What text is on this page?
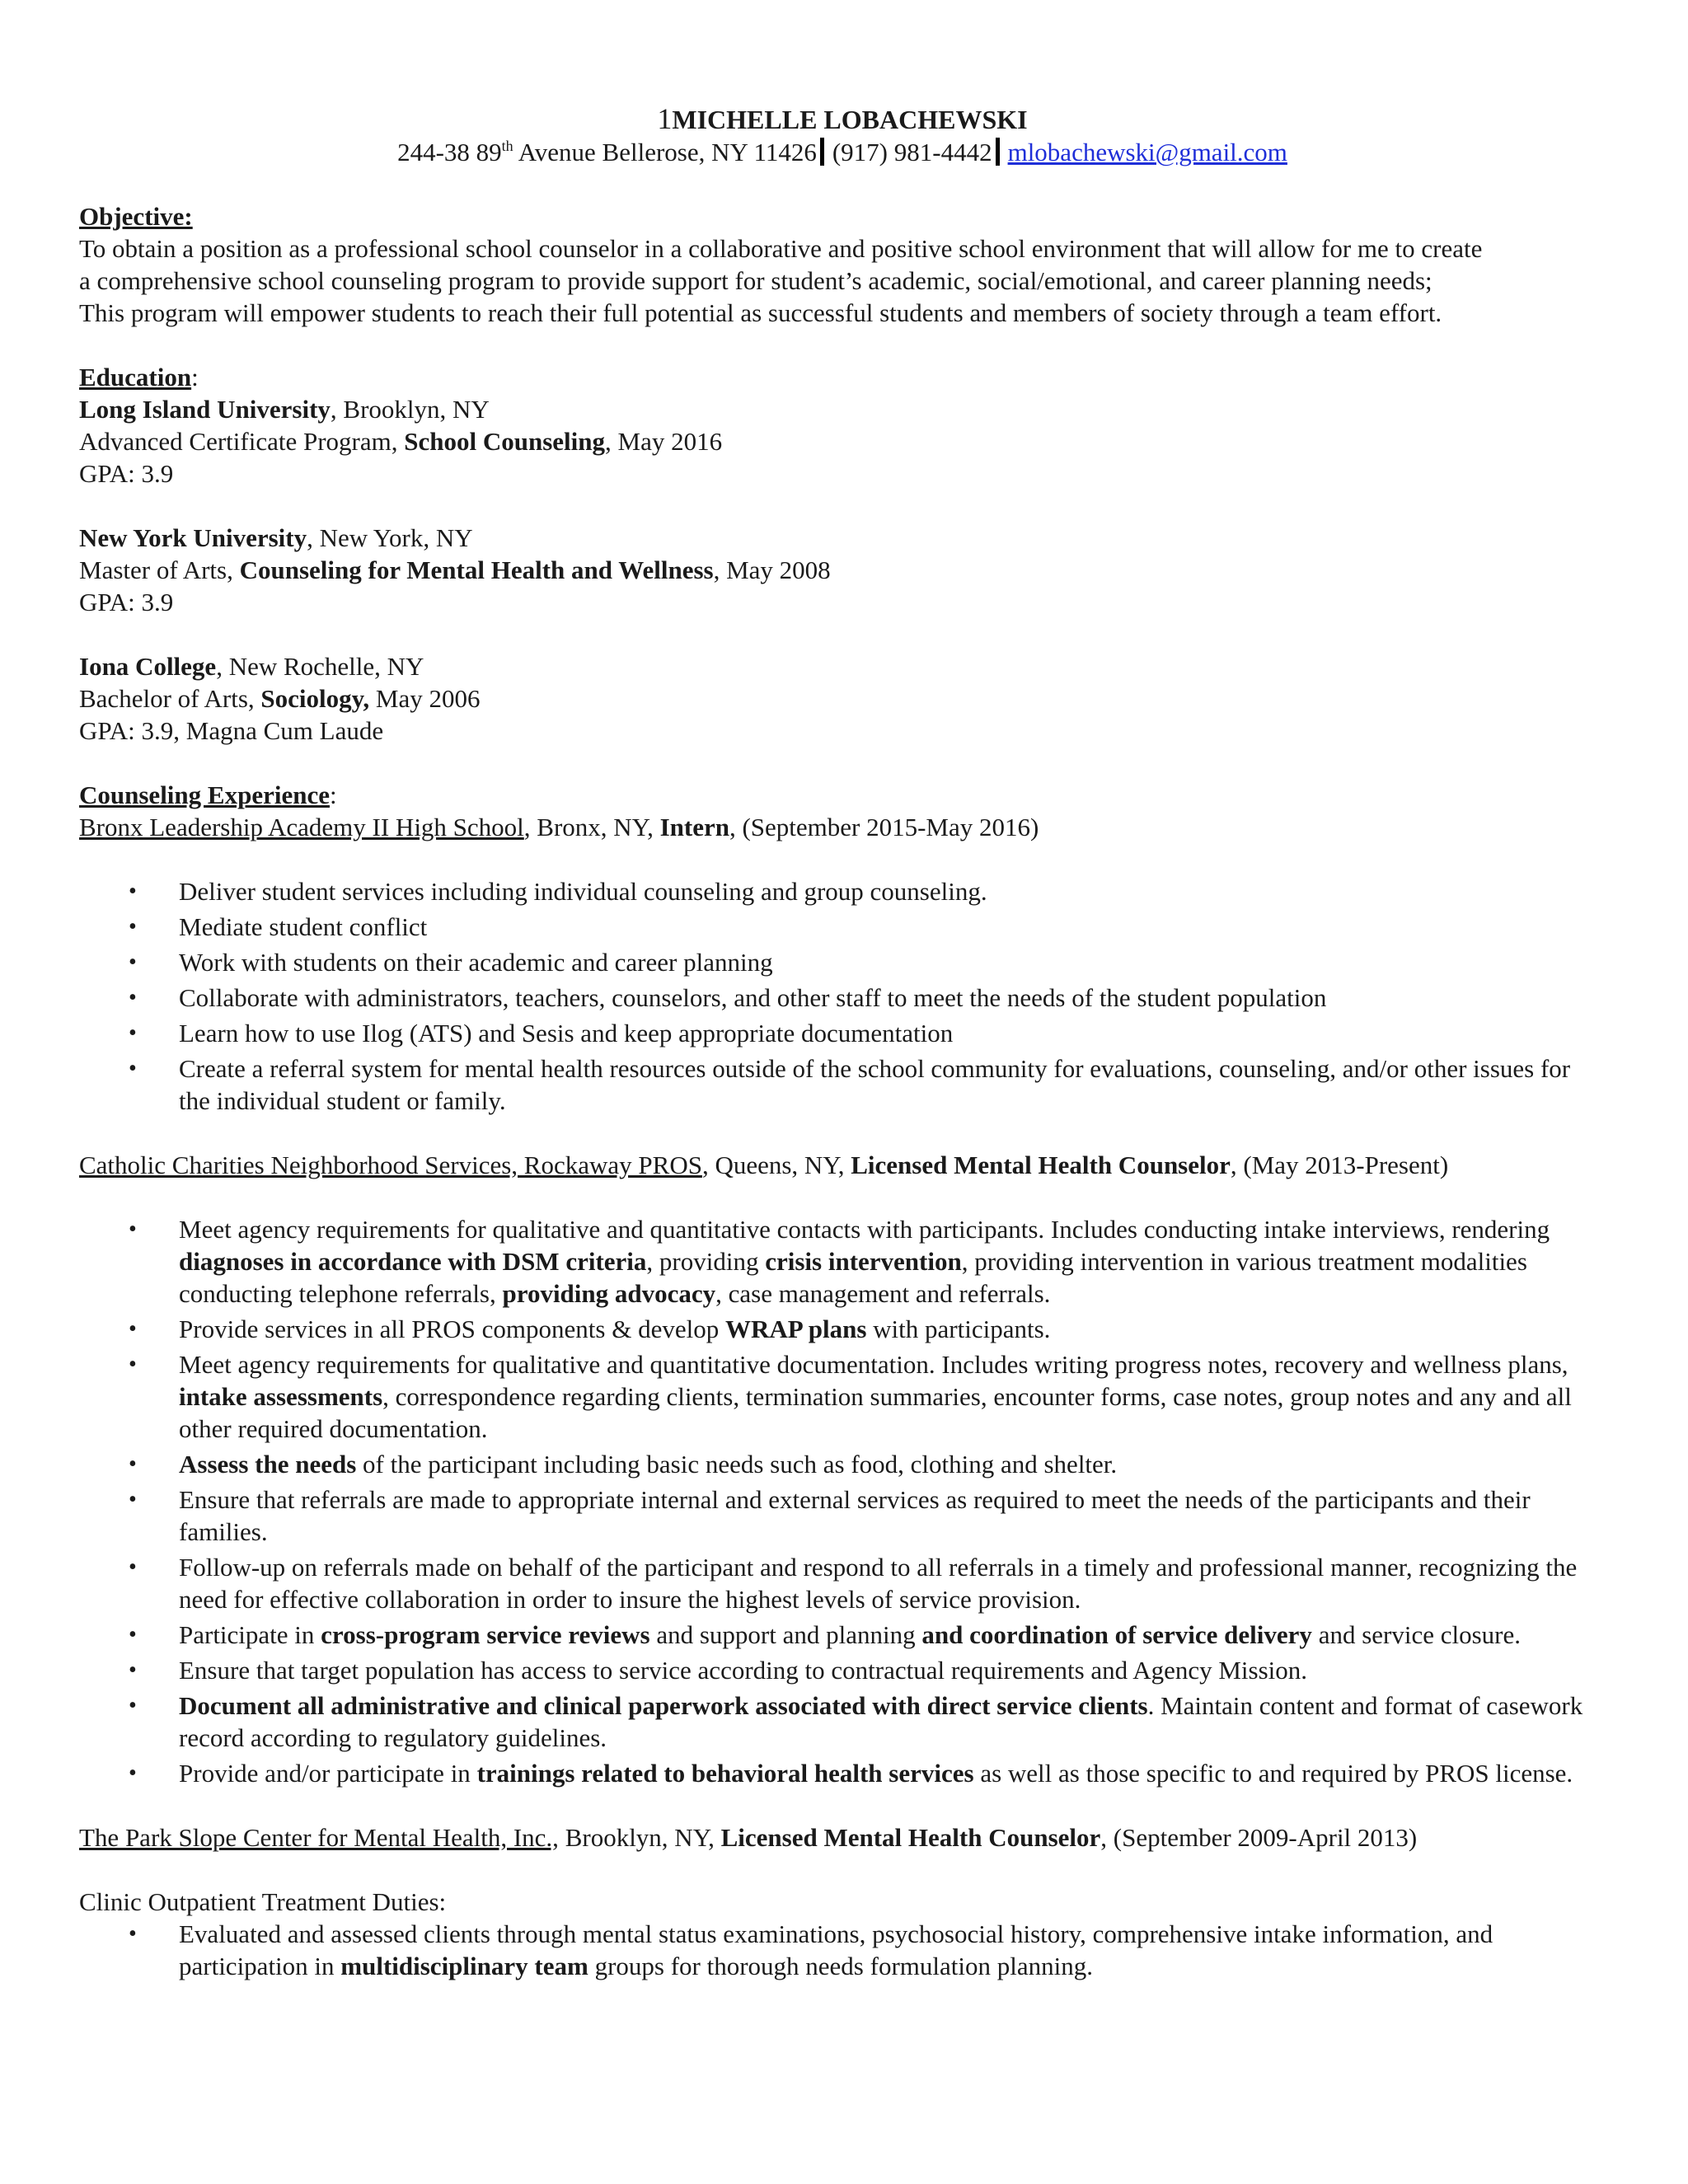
1MICHELLE LOBACHEWSKI
244-38 89th Avenue Bellerose, NY 11426 (917) 981-4442 mlobachewski@gmail.com
Objective:
To obtain a position as a professional school counselor in a collaborative and positive school environment that will allow for me to create
a comprehensive school counseling program to provide support for student’s academic, social/emotional, and career planning needs;
This program will empower students to reach their full potential as successful students and members of society through a team effort.
Education:
Long Island University, Brooklyn, NY
Advanced Certificate Program, School Counseling, May 2016
GPA: 3.9
New York University, New York, NY
Master of Arts, Counseling for Mental Health and Wellness, May 2008
GPA: 3.9
Iona College, New Rochelle, NY
Bachelor of Arts, Sociology, May 2006
GPA: 3.9, Magna Cum Laude
Counseling Experience:
Bronx Leadership Academy II High School, Bronx, NY, Intern, (September 2015-May 2016)
• Deliver student services including individual counseling and group counseling.
• Mediate student conflict
• Work with students on their academic and career planning
• Collaborate with administrators, teachers, counselors, and other staff to meet the needs of the student population
• Learn how to use Ilog (ATS) and Sesis and keep appropriate documentation
• Create a referral system for mental health resources outside of the school community for evaluations, counseling, and/or other issues for the individual student or family.
Catholic Charities Neighborhood Services, Rockaway PROS, Queens, NY, Licensed Mental Health Counselor, (May 2013-Present)
• Meet agency requirements for qualitative and quantitative contacts with participants. Includes conducting intake interviews, rendering diagnoses in accordance with DSM criteria, providing crisis intervention, providing intervention in various treatment modalities conducting telephone referrals, providing advocacy, case management and referrals.
• Provide services in all PROS components & develop WRAP plans with participants.
• Meet agency requirements for qualitative and quantitative documentation. Includes writing progress notes, recovery and wellness plans, intake assessments, correspondence regarding clients, termination summaries, encounter forms, case notes, group notes and any and all other required documentation.
• Assess the needs of the participant including basic needs such as food, clothing and shelter.
• Ensure that referrals are made to appropriate internal and external services as required to meet the needs of the participants and their families.
• Follow-up on referrals made on behalf of the participant and respond to all referrals in a timely and professional manner, recognizing the need for effective collaboration in order to insure the highest levels of service provision.
• Participate in cross-program service reviews and support and planning and coordination of service delivery and service closure.
• Ensure that target population has access to service according to contractual requirements and Agency Mission.
• Document all administrative and clinical paperwork associated with direct service clients. Maintain content and format of casework record according to regulatory guidelines.
• Provide and/or participate in trainings related to behavioral health services as well as those specific to and required by PROS license.
The Park Slope Center for Mental Health, Inc., Brooklyn, NY, Licensed Mental Health Counselor, (September 2009-April 2013)
Clinic Outpatient Treatment Duties:
• Evaluated and assessed clients through mental status examinations, psychosocial history, comprehensive intake information, and participation in multidisciplinary team groups for thorough needs formulation planning.
